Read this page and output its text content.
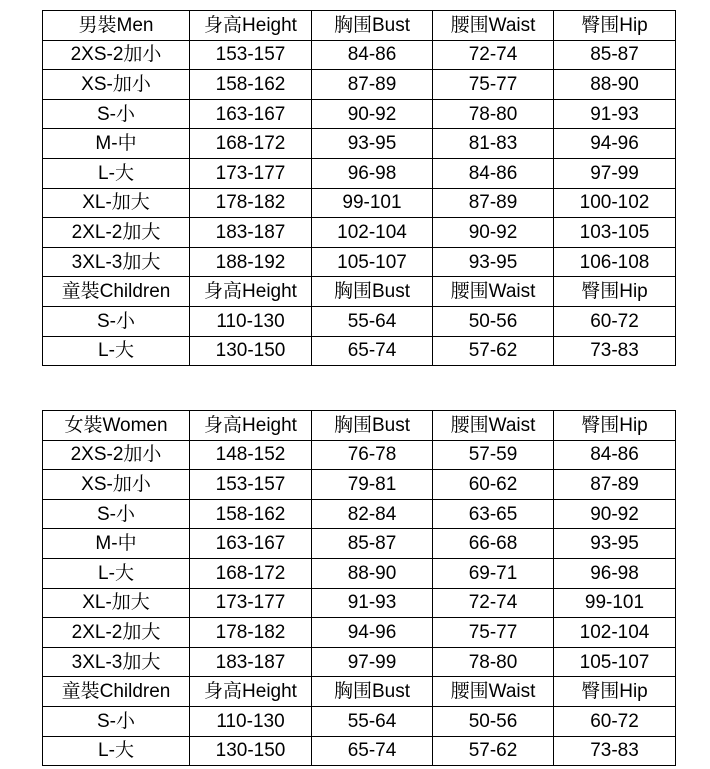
男裝Men	身高Height	胸围Bust	腰围Waist	臀围Hip
2XS-2加小	153-157	84-86	72-74	85-87
XS-加小	158-162	87-89	75-77	88-90
S-小	163-167	90-92	78-80	91-93
M-中	168-172	93-95	81-83	94-96
L-大	173-177	96-98	84-86	97-99
XL-加大	178-182	99-101	87-89	100-102
2XL-2加大	183-187	102-104	90-92	103-105
3XL-3加大	188-192	105-107	93-95	106-108
童裝Children	身高Height	胸围Bust	腰围Waist	臀围Hip
S-小	110-130	55-64	50-56	60-72
L-大	130-150	65-74	57-62	73-83
女裝Women	身高Height	胸围Bust	腰围Waist	臀围Hip
2XS-2加小	148-152	76-78	57-59	84-86
XS-加小	153-157	79-81	60-62	87-89
S-小	158-162	82-84	63-65	90-92
M-中	163-167	85-87	66-68	93-95
L-大	168-172	88-90	69-71	96-98
XL-加大	173-177	91-93	72-74	99-101
2XL-2加大	178-182	94-96	75-77	102-104
3XL-3加大	183-187	97-99	78-80	105-107
童裝Children	身高Height	胸围Bust	腰围Waist	臀围Hip
S-小	110-130	55-64	50-56	60-72
L-大	130-150	65-74	57-62	73-83
